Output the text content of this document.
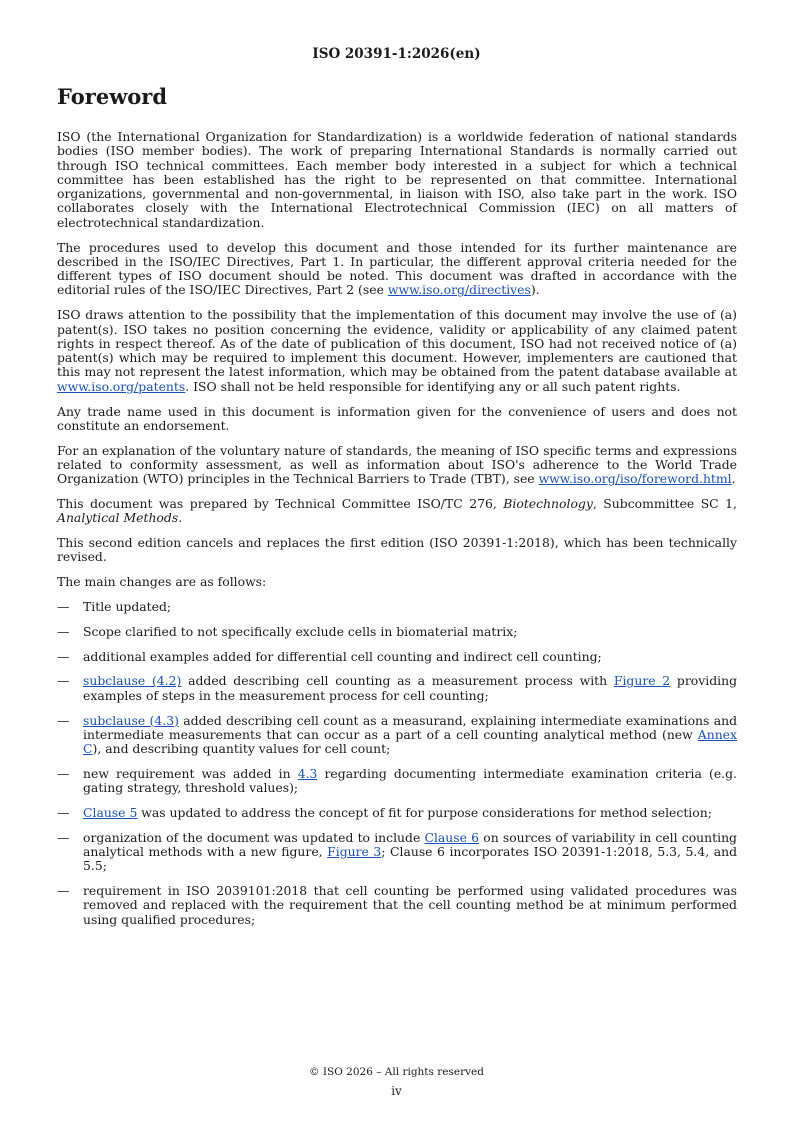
ISO 20391-1:2026(en)
Foreword

ISO (the International Organization for Standardization) is a worldwide federation of national standards bodies (ISO member bodies). The work of preparing International Standards is normally carried out through ISO technical committees. Each member body interested in a subject for which a technical committee has been established has the right to be represented on that committee. International organizations, governmental and non-governmental, in liaison with ISO, also take part in the work. ISO collaborates closely with the International Electrotechnical Commission (IEC) on all matters of electrotechnical standardization.

The procedures used to develop this document and those intended for its further maintenance are described in the ISO/IEC Directives, Part 1. In particular, the different approval criteria needed for the different types of ISO document should be noted. This document was drafted in accordance with the editorial rules of the ISO/IEC Directives, Part 2 (see www.iso.org/directives).

ISO draws attention to the possibility that the implementation of this document may involve the use of (a) patent(s). ISO takes no position concerning the evidence, validity or applicability of any claimed patent rights in respect thereof. As of the date of publication of this document, ISO had not received notice of (a) patent(s) which may be required to implement this document. However, implementers are cautioned that this may not represent the latest information, which may be obtained from the patent database available at www.iso.org/patents. ISO shall not be held responsible for identifying any or all such patent rights.

Any trade name used in this document is information given for the convenience of users and does not constitute an endorsement.

For an explanation of the voluntary nature of standards, the meaning of ISO specific terms and expressions related to conformity assessment, as well as information about ISO's adherence to the World Trade Organization (WTO) principles in the Technical Barriers to Trade (TBT), see www.iso.org/iso/foreword.html.

This document was prepared by Technical Committee ISO/TC 276, Biotechnology, Subcommittee SC 1, Analytical Methods.

This second edition cancels and replaces the first edition (ISO 20391-1:2018), which has been technically revised.

The main changes are as follows:

— Title updated;
— Scope clarified to not specifically exclude cells in biomaterial matrix;
— additional examples added for differential cell counting and indirect cell counting;
— subclause (4.2) added describing cell counting as a measurement process with Figure 2 providing examples of steps in the measurement process for cell counting;
— subclause (4.3) added describing cell count as a measurand, explaining intermediate examinations and intermediate measurements that can occur as a part of a cell counting analytical method (new Annex C), and describing quantity values for cell count;
— new requirement was added in 4.3 regarding documenting intermediate examination criteria (e.g. gating strategy, threshold values);
— Clause 5 was updated to address the concept of fit for purpose considerations for method selection;
— organization of the document was updated to include Clause 6 on sources of variability in cell counting analytical methods with a new figure, Figure 3; Clause 6 incorporates ISO 20391-1:2018, 5.3, 5.4, and 5.5;
— requirement in ISO 2039101:2018 that cell counting be performed using validated procedures was removed and replaced with the requirement that the cell counting method be at minimum performed using qualified procedures;
© ISO 2026 – All rights reserved
iv
